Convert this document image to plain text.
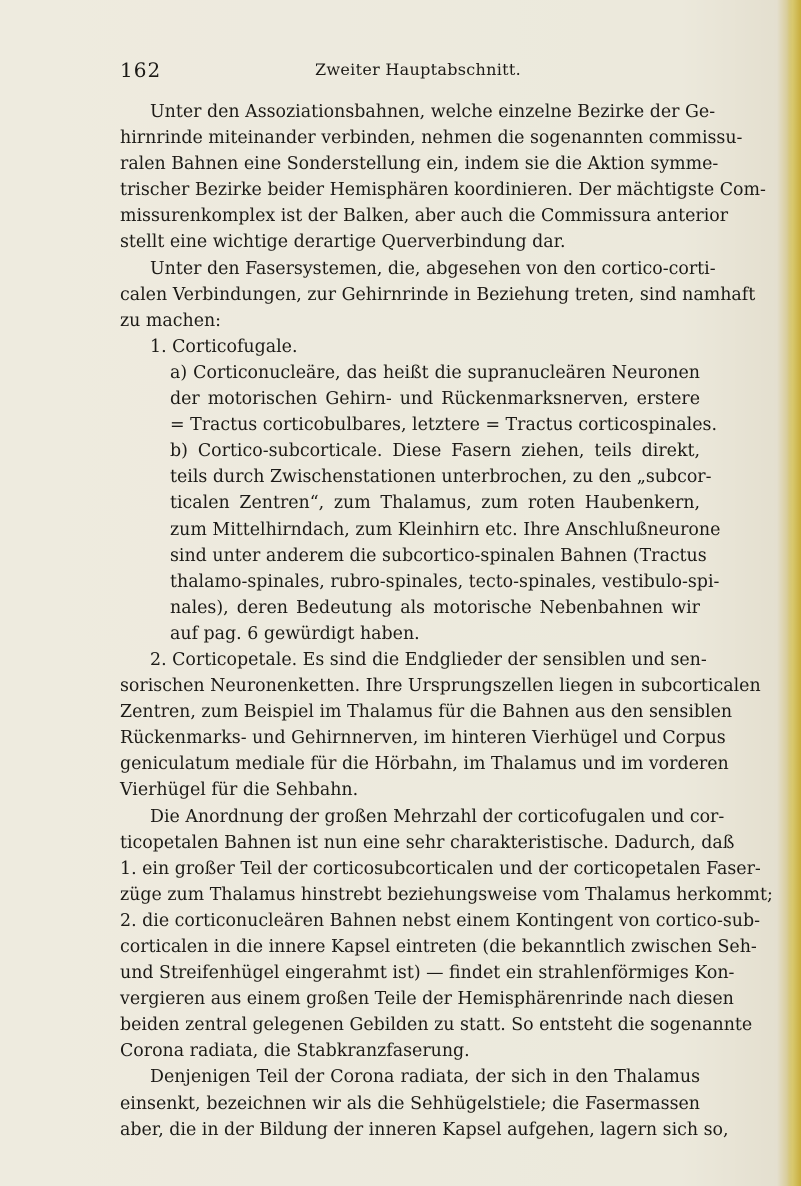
162	Zweiter Hauptabschnitt.
Unter den Assoziationsbahnen, welche einzelne Bezirke der Ge-
hirnrinde miteinander verbinden, nehmen die sogenannten commissu-
ralen Bahnen eine Sonderstellung ein, indem sie die Aktion symme-
trischer Bezirke beider Hemisphären koordinieren. Der mächtigste Com-
missurenkomplex ist der Balken, aber auch die Commissura anterior
stellt eine wichtige derartige Querverbindung dar.
Unter den Fasersystemen, die, abgesehen von den cortico-corti-
calen Verbindungen, zur Gehirnrinde in Beziehung treten, sind namhaft
zu machen:
1. Corticofugale.
a) Corticonucleäre, das heißt die supranucleären Neuronen
der motorischen Gehirn- und Rückenmarksnerven, erstere
= Tractus corticobulbares, letztere = Tractus corticospinales.
b) Cortico-subcorticale. Diese Fasern ziehen, teils direkt,
teils durch Zwischenstationen unterbrochen, zu den „subcor-
ticalen Zentren“, zum Thalamus, zum roten Haubenkern,
zum Mittelhirndach, zum Kleinhirn etc. Ihre Anschlußneurone
sind unter anderem die subcortico-spinalen Bahnen (Tractus
thalamo-spinales, rubro-spinales, tecto-spinales, vestibulo-spi-
nales), deren Bedeutung als motorische Nebenbahnen wir
auf pag. 6 gewürdigt haben.
2. Corticopetale. Es sind die Endglieder der sensiblen und sen-
sorischen Neuronenketten. Ihre Ursprungszellen liegen in subcorticalen
Zentren, zum Beispiel im Thalamus für die Bahnen aus den sensiblen
Rückenmarks- und Gehirnnerven, im hinteren Vierhügel und Corpus
geniculatum mediale für die Hörbahn, im Thalamus und im vorderen
Vierhügel für die Sehbahn.
Die Anordnung der großen Mehrzahl der corticofugalen und cor-
ticopetalen Bahnen ist nun eine sehr charakteristische. Dadurch, daß
1. ein großer Teil der corticosubcorticalen und der corticopetalen Faser-
züge zum Thalamus hinstrebt beziehungsweise vom Thalamus herkommt;
2. die corticonucleären Bahnen nebst einem Kontingent von cortico-sub-
corticalen in die innere Kapsel eintreten (die bekanntlich zwischen Seh-
und Streifenhügel eingerahmt ist) — findet ein strahlenförmiges Kon-
vergieren aus einem großen Teile der Hemisphärenrinde nach diesen
beiden zentral gelegenen Gebilden zu statt. So entsteht die sogenannte
Corona radiata, die Stabkranzfaserung.
Denjenigen Teil der Corona radiata, der sich in den Thalamus
einsenkt, bezeichnen wir als die Sehhügelstiele; die Fasermassen
aber, die in der Bildung der inneren Kapsel aufgehen, lagern sich so,
